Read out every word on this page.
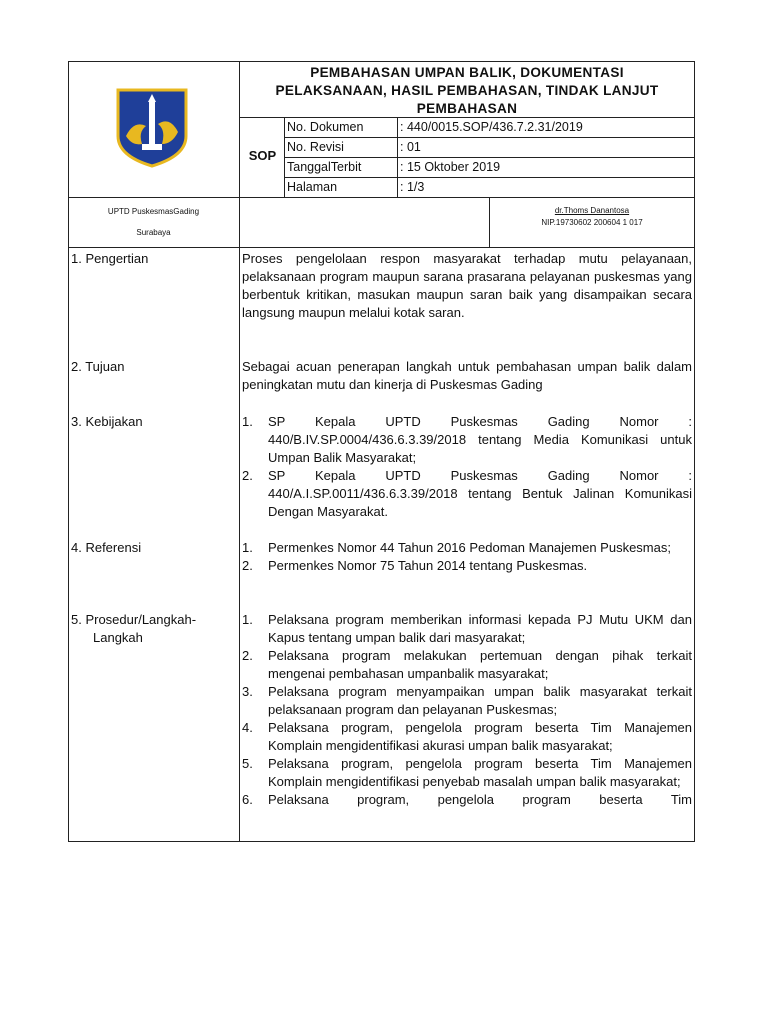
PEMBAHASAN UMPAN BALIK, DOKUMENTASI
PELAKSANAAN, HASIL PEMBAHASAN, TINDAK LANJUT
PEMBAHASAN
SOP
No. Dokumen	: 440/0015.SOP/436.7.2.31/2019
No. Revisi	: 01
TanggalTerbit	: 15 Oktober 2019
Halaman	: 1/3
UPTD PuskesmasGading
Surabaya
dr.Thoms Danantosa
NIP.19730602 200604 1 017
1. Pengertian	Proses pengelolaan respon masyarakat terhadap mutu pelayanaan, pelaksanaan program maupun sarana prasarana pelayanan puskesmas yang berbentuk kritikan, masukan maupun saran baik yang disampaikan secara langsung maupun melalui kotak saran.
2. Tujuan	Sebagai acuan penerapan langkah untuk pembahasan umpan balik dalam peningkatan mutu dan kinerja di Puskesmas Gading
3. Kebijakan	1. SP Kepala UPTD Puskesmas Gading Nomor : 440/B.IV.SP.0004/436.6.3.39/2018 tentang Media Komunikasi untuk Umpan Balik Masyarakat;
2. SP Kepala UPTD Puskesmas Gading Nomor : 440/A.I.SP.0011/436.6.3.39/2018 tentang Bentuk Jalinan Komunikasi Dengan Masyarakat.
4. Referensi	1. Permenkes Nomor 44 Tahun 2016 Pedoman Manajemen Puskesmas;
2. Permenkes Nomor 75 Tahun 2014 tentang Puskesmas.
5. Prosedur/Langkah-
Langkah
1. Pelaksana program memberikan informasi kepada PJ Mutu UKM dan Kapus tentang umpan balik dari masyarakat;
2. Pelaksana program melakukan pertemuan dengan pihak terkait mengenai pembahasan umpanbalik masyarakat;
3. Pelaksana program menyampaikan umpan balik masyarakat terkait pelaksanaan program dan pelayanan Puskesmas;
4. Pelaksana program, pengelola program beserta Tim Manajemen Komplain mengidentifikasi akurasi umpan balik masyarakat;
5. Pelaksana program, pengelola program beserta Tim Manajemen Komplain mengidentifikasi penyebab masalah umpan balik masyarakat;
6. Pelaksana program, pengelola program beserta Tim
